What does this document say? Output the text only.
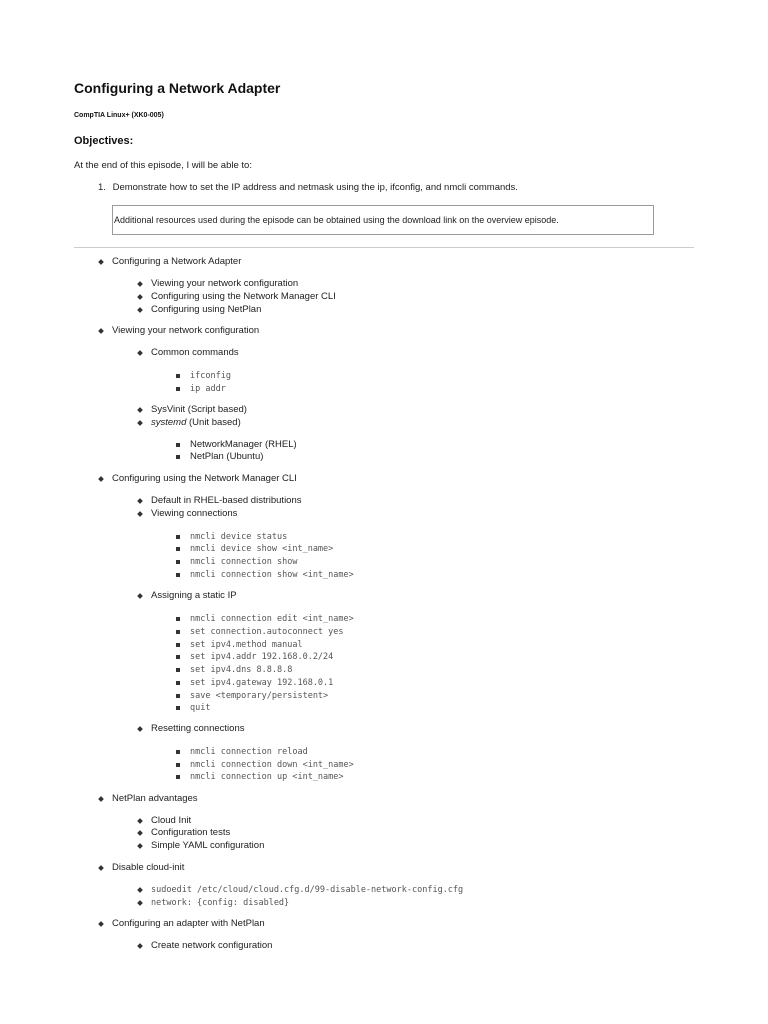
Configuring a Network Adapter
CompTIA Linux+ (XK0-005)
Objectives:
At the end of this episode, I will be able to:
1. Demonstrate how to set the IP address and netmask using the ip, ifconfig, and nmcli commands.
Additional resources used during the episode can be obtained using the download link on the overview episode.
Configuring a Network Adapter
Viewing your network configuration
Configuring using the Network Manager CLI
Configuring using NetPlan
Viewing your network configuration
Common commands
ifconfig
ip addr
SysVinit (Script based)
systemd (Unit based)
NetworkManager (RHEL)
NetPlan (Ubuntu)
Configuring using the Network Manager CLI
Default in RHEL-based distributions
Viewing connections
nmcli device status
nmcli device show <int_name>
nmcli connection show
nmcli connection show <int_name>
Assigning a static IP
nmcli connection edit <int_name>
set connection.autoconnect yes
set ipv4.method manual
set ipv4.addr 192.168.0.2/24
set ipv4.dns 8.8.8.8
set ipv4.gateway 192.168.0.1
save <temporary/persistent>
quit
Resetting connections
nmcli connection reload
nmcli connection down <int_name>
nmcli connection up <int_name>
NetPlan advantages
Cloud Init
Configuration tests
Simple YAML configuration
Disable cloud-init
sudoedit /etc/cloud/cloud.cfg.d/99-disable-network-config.cfg
network: {config: disabled}
Configuring an adapter with NetPlan
Create network configuration
